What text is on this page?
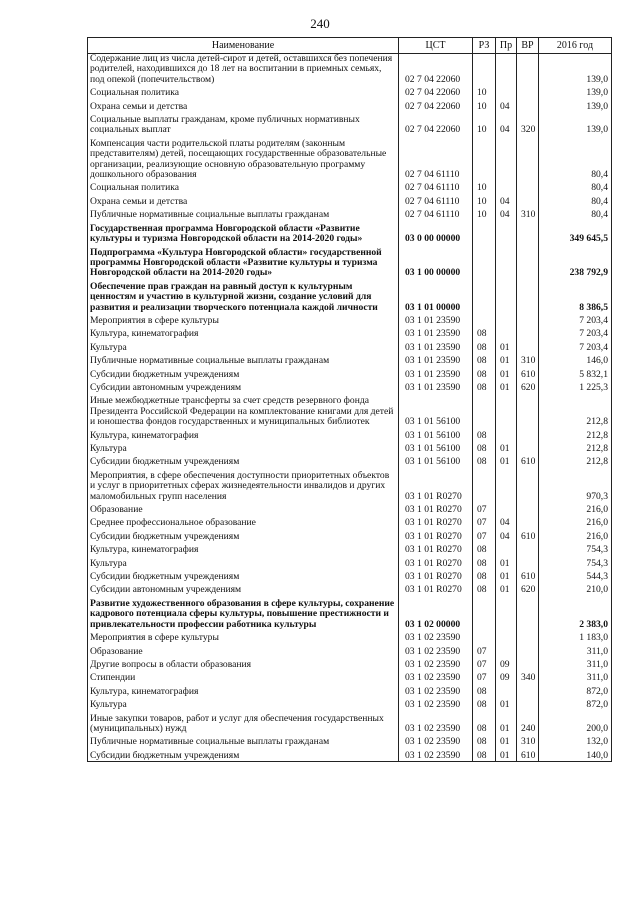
240
Наименование	ЦСТ	РЗ	Пр	ВР	2016 год
Содержание лиц из числа детей-сирот и детей, оставшихся без попечения родителей, находившихся до 18 лет на воспитании в приемных семьях, под опекой (попечительством)	02 7 04 22060				139,0
Социальная политика	02 7 04 22060	10			139,0
Охрана семьи и детства	02 7 04 22060	10	04		139,0
Социальные выплаты гражданам, кроме публичных нормативных социальных выплат	02 7 04 22060	10	04	320	139,0
Компенсация части родительской платы родителям (законным представителям) детей, посещающих государственные образовательные организации, реализующие основную образовательную программу дошкольного образования	02 7 04 61110				80,4
Социальная политика	02 7 04 61110	10			80,4
Охрана семьи и детства	02 7 04 61110	10	04		80,4
Публичные нормативные социальные выплаты гражданам	02 7 04 61110	10	04	310	80,4
Государственная программа Новгородской области «Развитие культуры и туризма Новгородской области на 2014-2020 годы»	03 0 00 00000				349 645,5
Подпрограмма «Культура Новгородской области» государственной программы Новгородской области «Развитие культуры и туризма Новгородской области на 2014-2020 годы»	03 1 00 00000				238 792,9
Обеспечение прав граждан на равный доступ к культурным ценностям и участию в культурной жизни, создание условий для развития и реализации творческого потенциала каждой личности	03 1 01 00000				8 386,5
Мероприятия в сфере культуры	03 1 01 23590				7 203,4
Культура, кинематография	03 1 01 23590	08			7 203,4
Культура	03 1 01 23590	08	01		7 203,4
Публичные нормативные социальные выплаты гражданам	03 1 01 23590	08	01	310	146,0
Субсидии бюджетным учреждениям	03 1 01 23590	08	01	610	5 832,1
Субсидии автономным учреждениям	03 1 01 23590	08	01	620	1 225,3
Иные межбюджетные трансферты за счет средств резервного фонда Президента Российской Федерации на комплектование книгами для детей и юношества фондов государственных и муниципальных библиотек	03 1 01 56100				212,8
Культура, кинематография	03 1 01 56100	08			212,8
Культура	03 1 01 56100	08	01		212,8
Субсидии бюджетным учреждениям	03 1 01 56100	08	01	610	212,8
Мероприятия, в сфере обеспечения доступности приоритетных объектов и услуг в приоритетных сферах жизнедеятельности инвалидов и других маломобильных групп населения	03 1 01 R0270				970,3
Образование	03 1 01 R0270	07			216,0
Среднее профессиональное образование	03 1 01 R0270	07	04		216,0
Субсидии бюджетным учреждениям	03 1 01 R0270	07	04	610	216,0
Культура, кинематография	03 1 01 R0270	08			754,3
Культура	03 1 01 R0270	08	01		754,3
Субсидии бюджетным учреждениям	03 1 01 R0270	08	01	610	544,3
Субсидии автономным учреждениям	03 1 01 R0270	08	01	620	210,0
Развитие художественного образования в сфере культуры, сохранение кадрового потенциала сферы культуры, повышение престижности и привлекательности профессии работника культуры	03 1 02 00000				2 383,0
Мероприятия в сфере культуры	03 1 02 23590				1 183,0
Образование	03 1 02 23590	07			311,0
Другие вопросы в области образования	03 1 02 23590	07	09		311,0
Стипендии	03 1 02 23590	07	09	340	311,0
Культура, кинематография	03 1 02 23590	08			872,0
Культура	03 1 02 23590	08	01		872,0
Иные закупки товаров, работ и услуг для обеспечения государственных (муниципальных) нужд	03 1 02 23590	08	01	240	200,0
Публичные нормативные социальные выплаты гражданам	03 1 02 23590	08	01	310	132,0
Субсидии бюджетным учреждениям	03 1 02 23590	08	01	610	140,0
